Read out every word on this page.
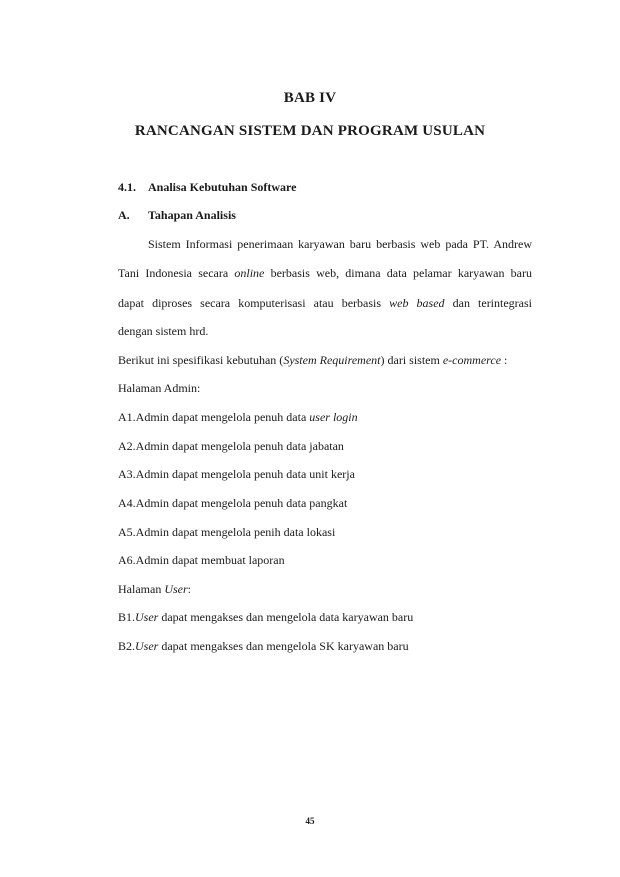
BAB IV
RANCANGAN SISTEM DAN PROGRAM USULAN
4.1. Analisa Kebutuhan Software
A. Tahapan Analisis
Sistem Informasi penerimaan karyawan baru berbasis web pada PT. Andrew
Tani Indonesia secara online berbasis web, dimana data pelamar karyawan baru
dapat diproses secara komputerisasi atau berbasis web based dan terintegrasi
dengan sistem hrd.
Berikut ini spesifikasi kebutuhan (System Requirement) dari sistem e-commerce :
Halaman Admin:
A1.Admin dapat mengelola penuh data user login
A2.Admin dapat mengelola penuh data jabatan
A3.Admin dapat mengelola penuh data unit kerja
A4.Admin dapat mengelola penuh data pangkat
A5.Admin dapat mengelola penih data lokasi
A6.Admin dapat membuat laporan
Halaman User:
B1.User dapat mengakses dan mengelola data karyawan baru
B2.User dapat mengakses dan mengelola SK karyawan baru
45
